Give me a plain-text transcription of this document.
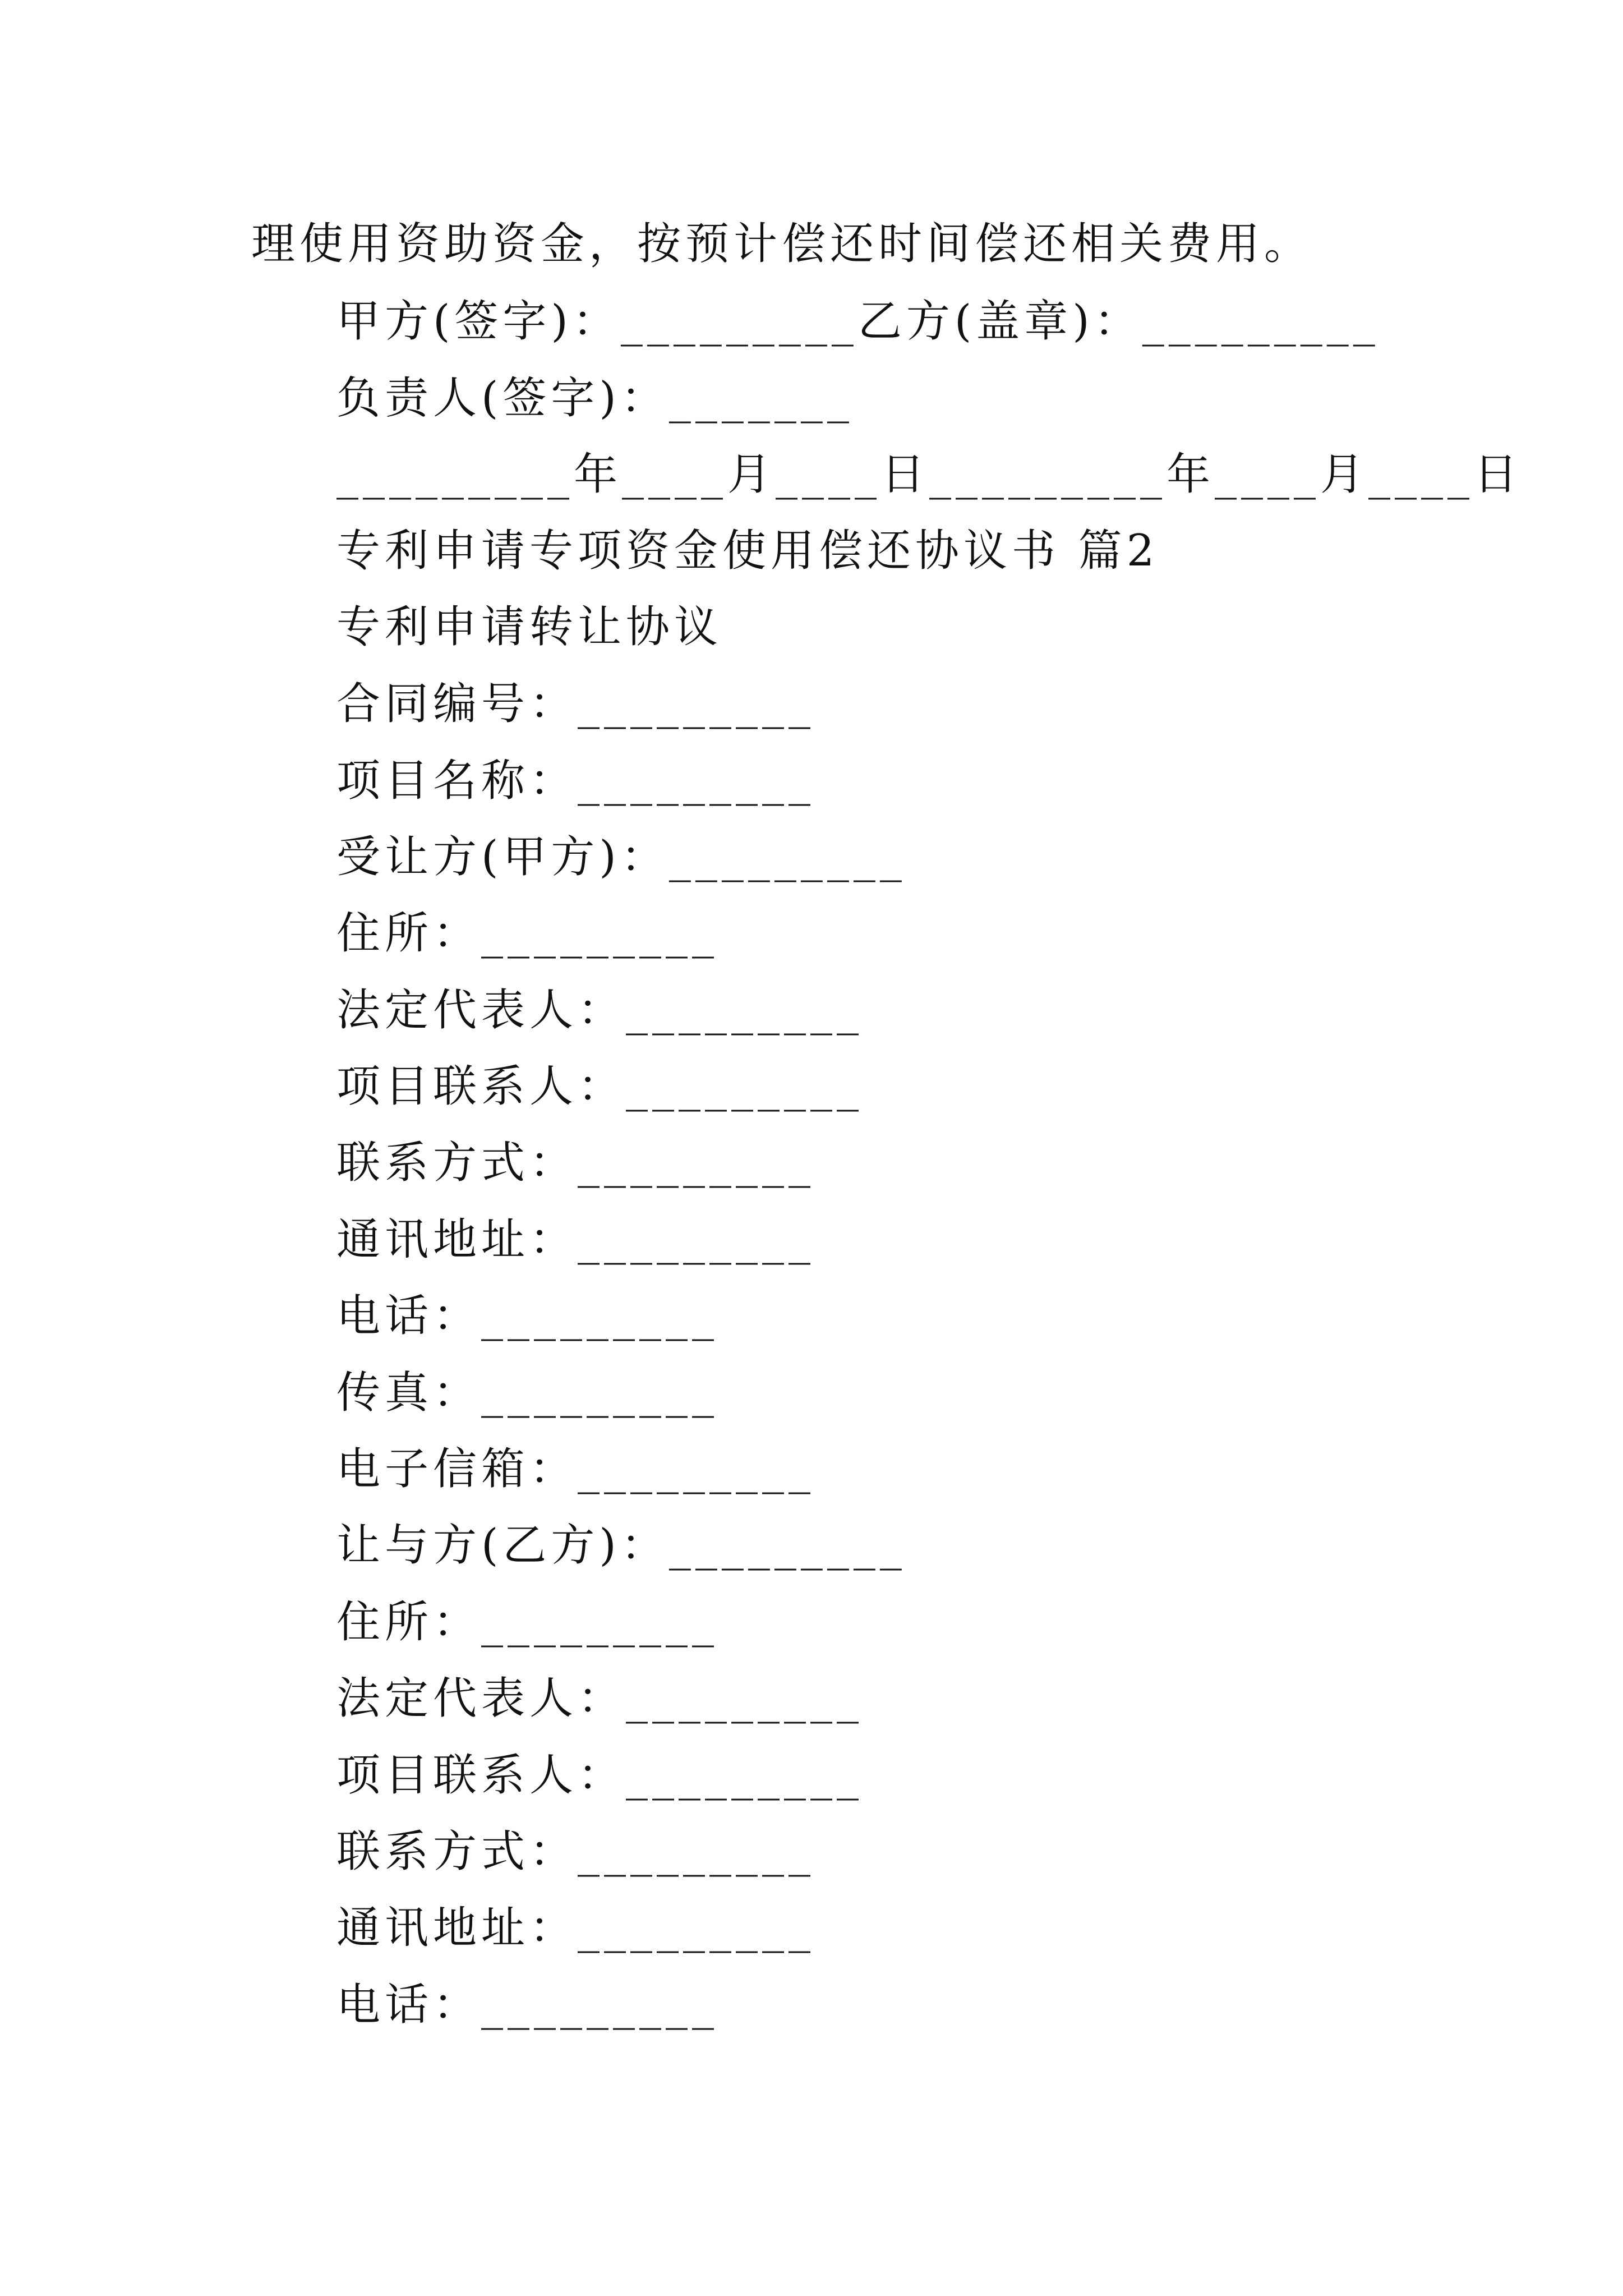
理使用资助资金，按预计偿还时间偿还相关费用。
甲方(签字)：_________乙方(盖章)：_________
负责人(签字)：_______
_________年____月____日_________年____月____日
专利申请专项资金使用偿还协议书 篇2
专利申请转让协议
合同编号：_________
项目名称：_________
受让方(甲方)：_________
住所：_________
法定代表人：_________
项目联系人：_________
联系方式：_________
通讯地址：_________
电话：_________
传真：_________
电子信箱：_________
让与方(乙方)：_________
住所：_________
法定代表人：_________
项目联系人：_________
联系方式：_________
通讯地址：_________
电话：_________
